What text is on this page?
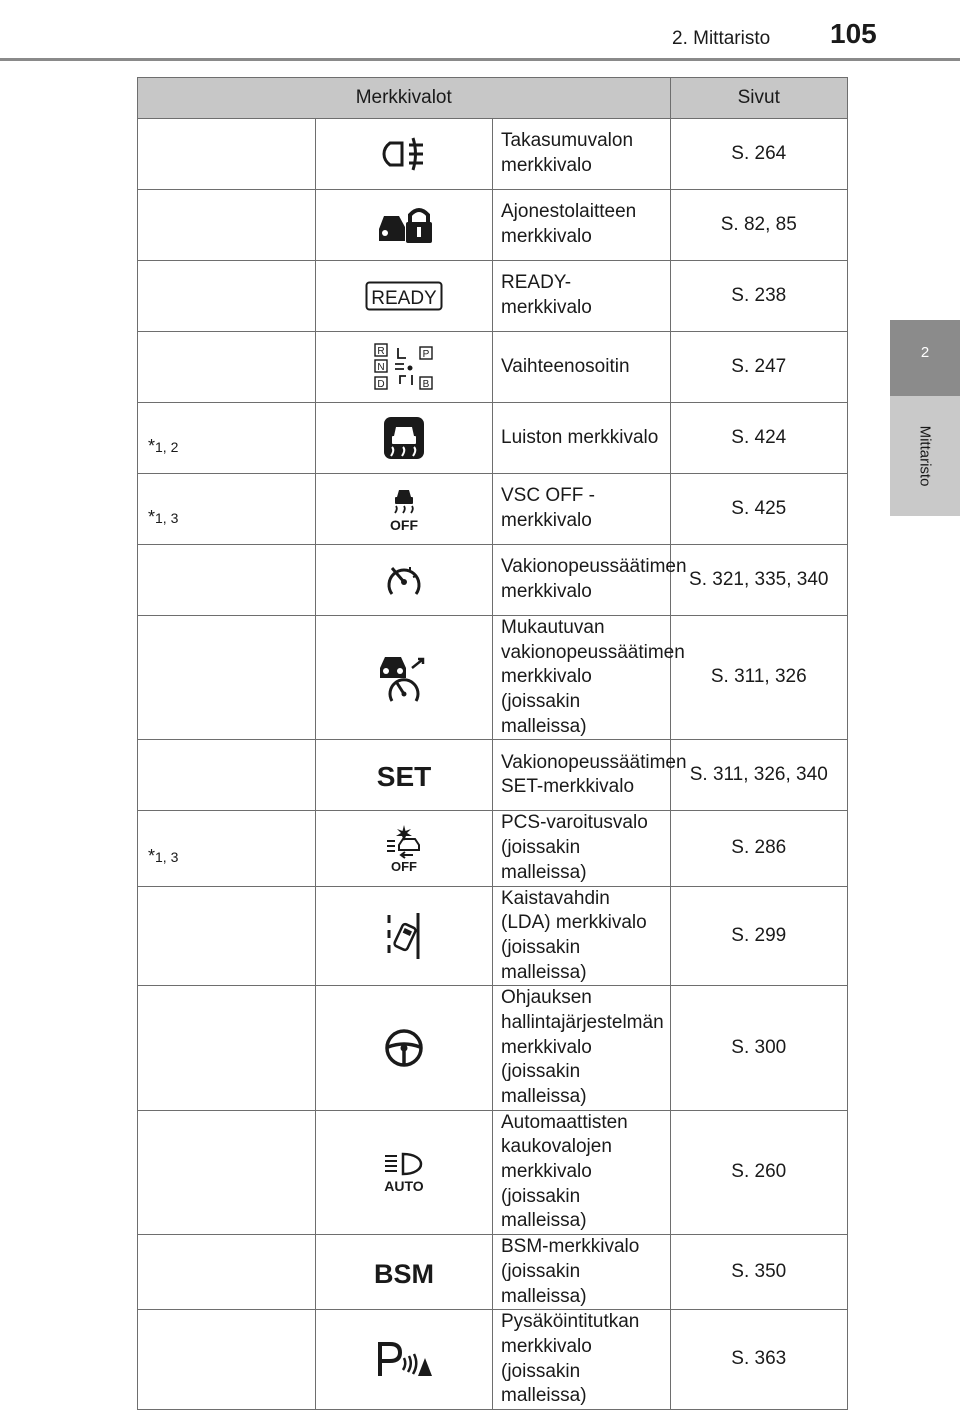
2. Mittaristo 105
2
Mittaristo
Merkkivalot			Sivut

	Takasumuvalon merkkivalo	S. 264

	Ajonestolaitteen merkkivalo	S. 82, 85

READY	READY-merkkivalo	S. 238

R
N
D
P
B	Vaihteenosoitin	S. 247

*1, 2		Luiston merkkivalo	S. 424

*1, 3	OFF	VSC OFF -merkkivalo	S. 425

	Vakionopeussäätimen merkkivalo	S. 321, 335, 340

	Mukautuvan vakionopeussäätimen merkkivalo (joissakin malleissa)	S. 311, 326

SET	Vakionopeussäätimen SET-merkkivalo	S. 311, 326, 340

*1, 3	OFF	PCS-varoitusvalo (joissakin malleissa)	S. 286

	Kaistavahdin (LDA) merkkivalo (joissakin malleissa)	S. 299

	Ohjauksen hallintajärjestelmän merkkivalo (joissakin malleissa)	S. 300

AUTO	Automaattisten kaukovalojen merkkivalo (joissakin malleissa)	S. 260

BSM	BSM-merkkivalo (joissakin malleissa)	S. 350

	Pysäköintitutkan merkkivalo (joissakin malleissa)	S. 363
